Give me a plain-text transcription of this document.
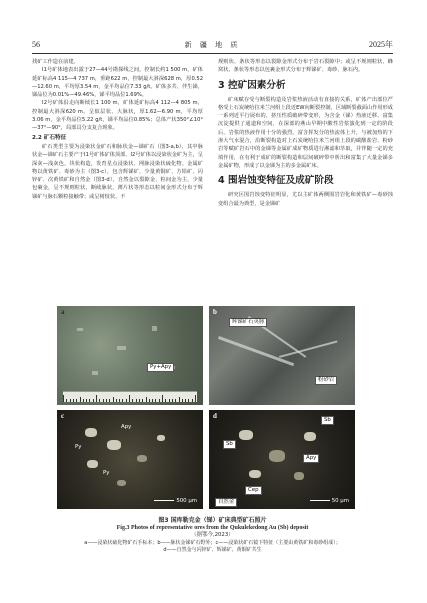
56	新 疆 地 质	2025年

找矿工作造在前建。

Ⅰ1号矿体地表出露于27—44号勘探线之间，控制长约1 500 m，矿体延矿标高4 115—4 737 m，垂距622 m，控制最大斜深628 m，厚0.52—12.60 m，平均厚3.54 m，金平均品位7.33 g/t。矿体多共、伴生锑，锑品位为0.01%—49.46%，锑平均品位1.69%。

Ⅰ2号矿体沿走向断续长1 100 m，矿体延矿标高4 112—4 805 m，控制最大斜深620 m。呈似层状、大脉状，厚1.62—6.90 m，平均厚3.06 m，金平均品位5.22 g/t，锑平均品位0.85%；总体产状350°∠10°—37°—90°，局部具分支复合现象。

2.2 矿石特征

矿石类型主要为浸染状金矿石和脉状金—锑矿石（图3-a,b），其中脉状金—锑矿石主要产于Ⅰ1号矿体矿体顶部，Ⅰ2号矿体以浸染状金矿为主，呈深灰—浅灰色，块状构造，发育星点浸染状、网脉浸染状硫化物。金属矿物以黄铁矿、毒砂为主（图3-c），包含辉锑矿、少量黄铜矿、方铅矿、闪锌矿、次黄铁矿和自然金（图3-d），自然金以裂隙金、粒间金为主，少量包裹金，呈不规则粒状、断续脉状，薄片状等形态以粒间金形式分布于辉锑矿与脉石颗粒接触带；或呈树枝状、不

规则状、条状等形态以裂隙金形式分布于岩石裂隙中；或呈不规则粒状、蜂窝状、条状等形态以包裹金形式分布于辉锑矿、毒砂、脉石内。

3 控矿因素分析

矿床赋存受与断裂构造及岩浆热液活动有直接的关系，矿体产出部位严格受上石炭统哈拉米兰河组上段近EW向断裂控制，区域断裂截面山作用形成一系列近平行展布的、挤压性质破碎带变形，为含金（锑）热液迁移、富集沉淀提供了通道和空间，在深部的燕山早期中酸性岩浆演化到一定的阶段后，岩浆的热液作用十分的强烈。富含挥发分的热流体上升，与被加热的下渗大气水混合，沿断裂构造对上石炭统哈拉米兰河组上段的碳酸盐岩、粉砂岩等赋矿岩石中的金锑等金属矿成矿物质进行淋滤和萃取，并伴随一定的充填作用，在有利于成矿的断裂构造和层间破碎带中析出和富集了大量金锑多金属矿物，形成了以金锑为主的多金属矿床。

4 围岩蚀变特征及成矿阶段

研究区围岩蚀变特征明显，尤以主矿体两侧围岩岩化和黄铁矿—毒砂蚀变组合最为典型，是金锑矿

a
Py+Apy
b
辉锑矿石英脉
粉砂岩
c
Apy
Py
Py
500 μm
d	Sb
Sb
Apy
Cep
自然金	50 μm
图3 国库勒克金（锑）矿床典型矿石照片
Fig.3 Photos of representative ores from the Qukulekedong Au (Sb) deposit
（据鄂今,2023）
a——浸染状硫化物矿石手标本；b——脉状金锑矿石野外；c——浸染状矿石镜下特征（主要由黄铁矿和毒砂组成）；
d——自然金与闪锌矿、辉锑矿、黄铜矿共生
